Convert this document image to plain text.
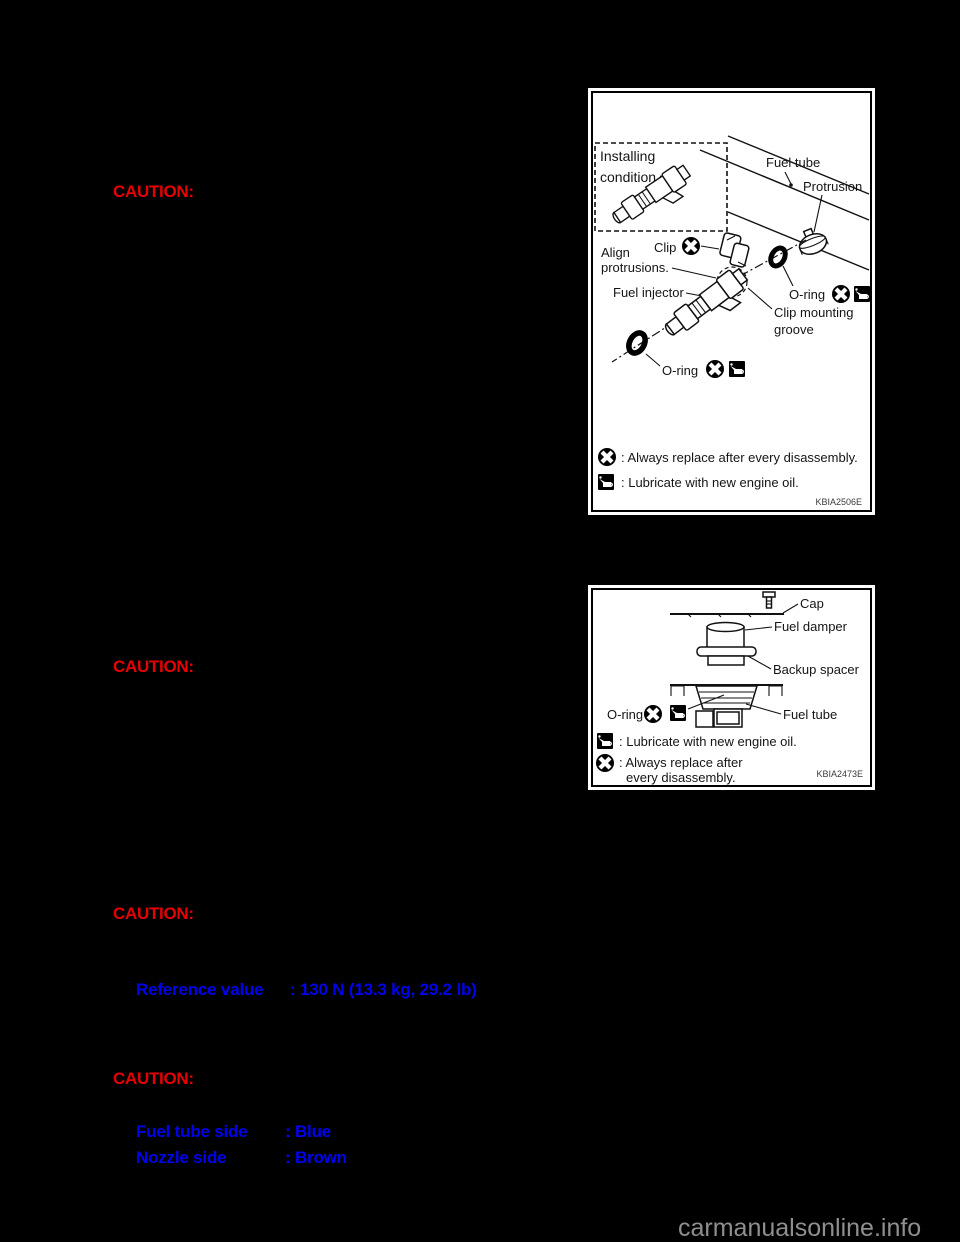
CAUTION:
CAUTION:
CAUTION:
CAUTION:
Reference value : 130 N (13.3 kg, 29.2 lb)
Fuel tube side : Blue
Nozzle side	: Brown
Installing
condition
Fuel tube
Protrusion
Clip
Align
protrusions.
O-ring
Fuel injector
Clip mounting
groove
O-ring
: Always replace after every disassembly.
: Lubricate with new engine oil.
KBIA2506E
Cap
Fuel damper
Backup spacer
O-ring	Fuel tube
: Lubricate with new engine oil.
: Always replace after
every disassembly.	KBIA2473E
carmanualsonline.info
